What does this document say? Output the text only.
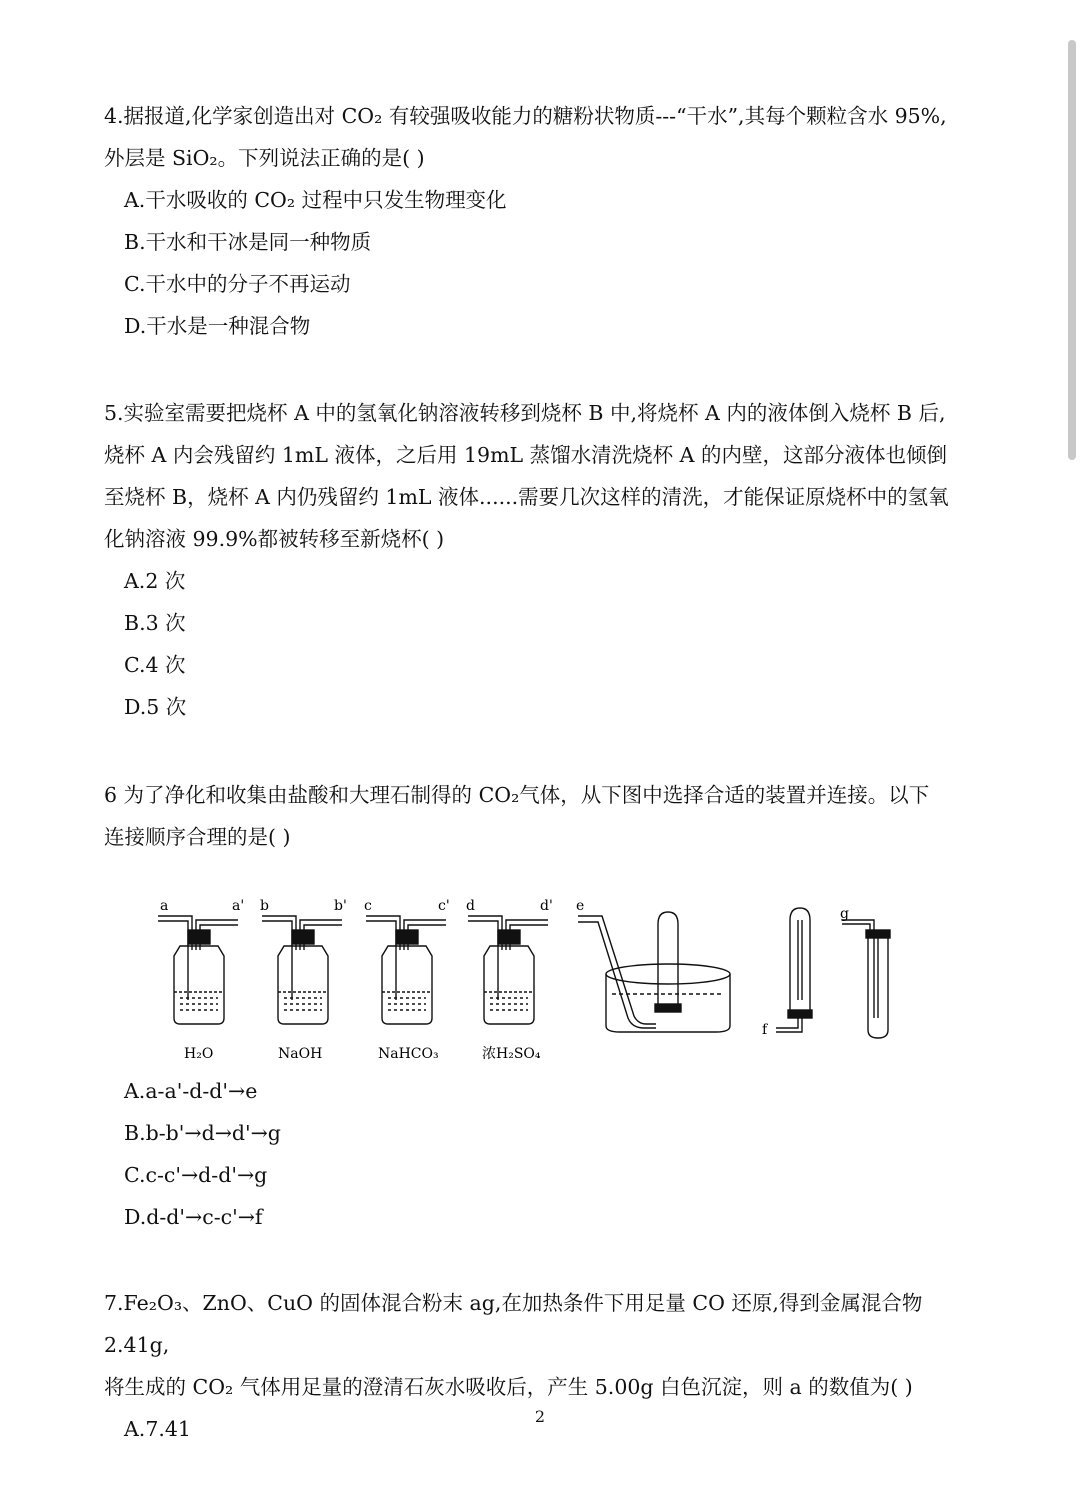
4.据报道,化学家创造出对 CO₂ 有较强吸收能力的糖粉状物质---“干水”,其每个颗粒含水 95%,

外层是 SiO₂。下列说法正确的是( )

A.干水吸收的 CO₂ 过程中只发生物理变化

B.干水和干冰是同一种物质

C.干水中的分子不再运动

D.干水是一种混合物

5.实验室需要把烧杯 A 中的氢氧化钠溶液转移到烧杯 B 中,将烧杯 A 内的液体倒入烧杯 B 后,

烧杯 A 内会残留约 1mL 液体，之后用 19mL 蒸馏水清洗烧杯 A 的内壁，这部分液体也倾倒

至烧杯 B，烧杯 A 内仍残留约 1mL 液体......需要几次这样的清洗，才能保证原烧杯中的氢氧

化钠溶液 99.9%都被转移至新烧杯( )

A.2 次

B.3 次

C.4 次

D.5 次

6 为了净化和收集由盐酸和大理石制得的 CO₂气体，从下图中选择合适的装置并连接。以下

连接顺序合理的是( )

a	a' b	b' c	c' d	d' e
f
g
H₂O	NaOH	NaHCO₃	浓H₂SO₄

A.a-a'-d-d'→e

B.b-b'→d→d'→g

C.c-c'→d-d'→g

D.d-d'→c-c'→f

7.Fe₂O₃、ZnO、CuO 的固体混合粉末 ag,在加热条件下用足量 CO 还原,得到金属混合物 2.41g,

将生成的 CO₂ 气体用足量的澄清石灰水吸收后，产生 5.00g 白色沉淀，则 a 的数值为( )

A.7.41

2
